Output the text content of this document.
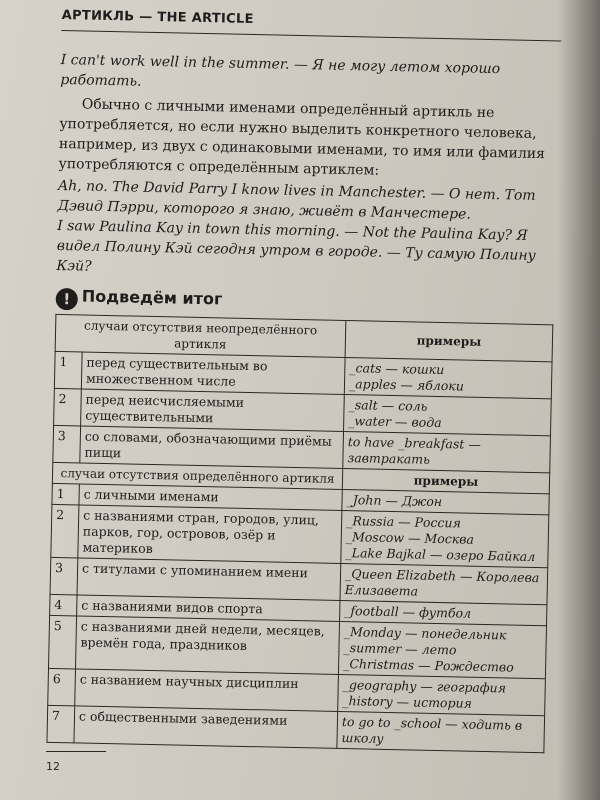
АРТИКЛЬ — THE ARTICLE
I can't work well in the summer. — Я не могу летом хорошо работать.
Обычно с личными именами определённый артикль не употребляется, но если нужно выделить конкретного человека, например, из двух с одинаковыми именами, то имя или фамилия употребляются с определённым артиклем:
Ah, no. The David Parry I know lives in Manchester. — О нет. Тот Дэвид Пэрри, которого я знаю, живёт в Манчестере.
I saw Paulina Kay in town this morning. — Not the Paulina Kay? Я видел Полину Кэй сегодня утром в городе. — Ту самую Полину Кэй?
! Подведём итог
случаи отсутствия неопределённого артикля		примеры
1	перед существительным во множественном числе	_cats — кошки
_apples — яблоки

2	перед неисчисляемыми существительными	_salt — соль
_water — вода

3	со словами, обозначающими приёмы пищи	to have _breakfast — завтракать

случаи отсутствия определённого артикля		примеры
1	с личными именами	_John — Джон

2	с названиями стран, городов, улиц, парков, гор, островов, озёр и материков	_Russia — Россия
_Moscow — Москва
_Lake Bajkal — озеро Байкал

3	с титулами с упоминанием имени	_Queen Elizabeth — Королева Елизавета

4	с названиями видов спорта	_football — футбол

5	с названиями дней недели, месяцев, времён года, праздников	_Monday — понедельник
_summer — лето
_Christmas — Рождество

6	с названием научных дисциплин	_geography — география
_history — история

7	с общественными заведениями	to go to _school — ходить в школу
12
